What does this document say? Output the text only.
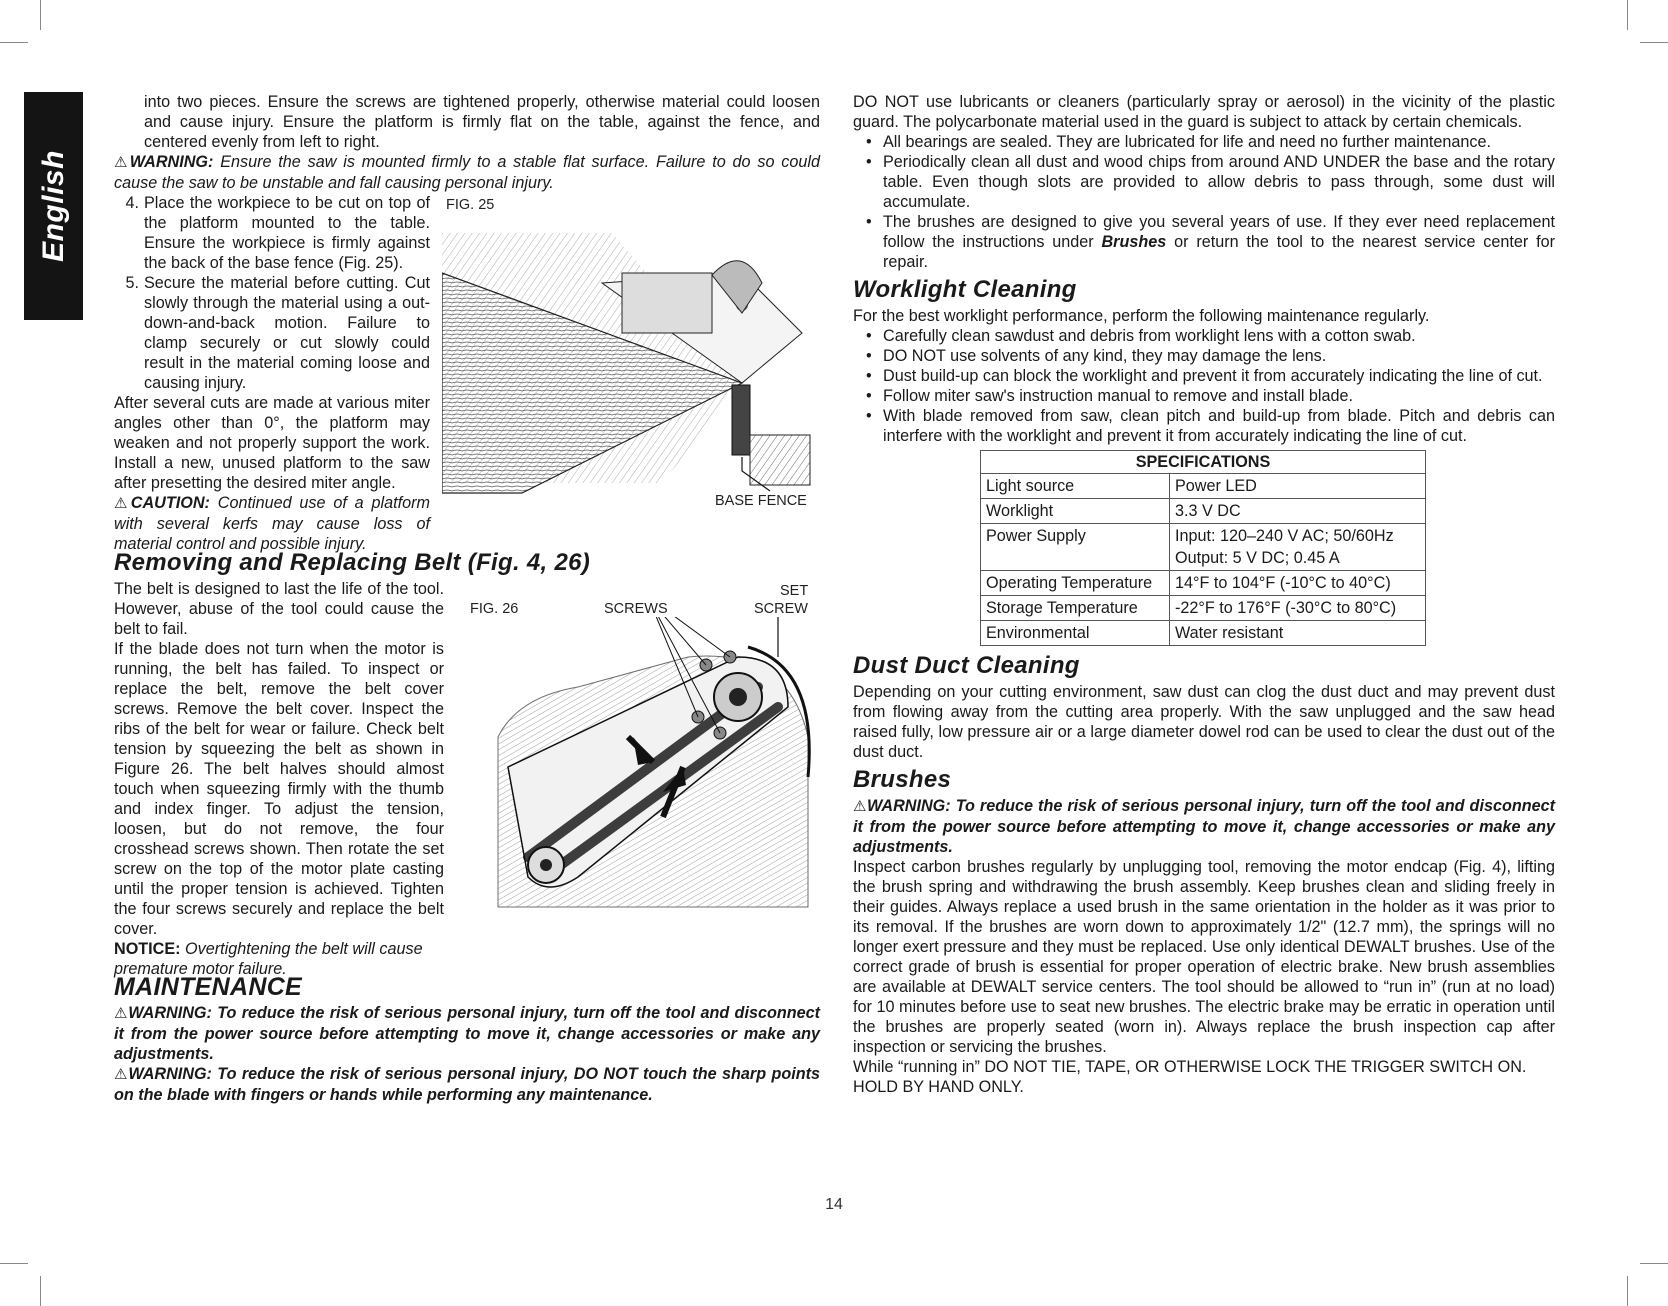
English

into two pieces. Ensure the screws are tightened properly, otherwise material could loosen and cause injury. Ensure the platform is firmly flat on the table, against the fence, and centered evenly from left to right.

⚠WARNING: Ensure the saw is mounted firmly to a stable flat surface. Failure to do so could cause the saw to be unstable and fall causing personal injury.

4. Place the workpiece to be cut on top of the platform mounted to the table. Ensure the workpiece is firmly against the back of the base fence (Fig. 25).
5. Secure the material before cutting. Cut slowly through the material using a out-down-and-back motion. Failure to clamp securely or cut slowly could result in the material coming loose and causing injury.

After several cuts are made at various miter angles other than 0°, the platform may weaken and not properly support the work. Install a new, unused platform to the saw after presetting the desired miter angle.

⚠CAUTION: Continued use of a platform with several kerfs may cause loss of material control and possible injury.

FIG. 25
BASE FENCE
Removing and Replacing Belt (Fig. 4, 26)

The belt is designed to last the life of the tool. However, abuse of the tool could cause the belt to fail.

If the blade does not turn when the motor is running, the belt has failed. To inspect or replace the belt, remove the belt cover screws. Remove the belt cover. Inspect the ribs of the belt for wear or failure. Check belt tension by squeezing the belt as shown in Figure 26. The belt halves should almost touch when squeezing firmly with the thumb and index finger. To adjust the tension, loosen, but do not remove, the four crosshead screws shown. Then rotate the set screw on the top of the motor plate casting until the proper tension is achieved. Tighten the four screws securely and replace the belt cover.

NOTICE: Overtightening the belt will cause premature motor failure.

FIG. 26	SCREWS
SET
SCREW
MAINTENANCE

⚠WARNING: To reduce the risk of serious personal injury, turn off the tool and disconnect it from the power source before attempting to move it, change accessories or make any adjustments.

⚠WARNING: To reduce the risk of serious personal injury, DO NOT touch the sharp points on the blade with fingers or hands while performing any maintenance.

DO NOT use lubricants or cleaners (particularly spray or aerosol) in the vicinity of the plastic guard. The polycarbonate material used in the guard is subject to attack by certain chemicals.

• All bearings are sealed. They are lubricated for life and need no further maintenance.
• Periodically clean all dust and wood chips from around AND UNDER the base and the rotary table. Even though slots are provided to allow debris to pass through, some dust will accumulate.
• The brushes are designed to give you several years of use. If they ever need replacement follow the instructions under Brushes or return the tool to the nearest service center for repair.
Worklight Cleaning

For the best worklight performance, perform the following maintenance regularly.

• Carefully clean sawdust and debris from worklight lens with a cotton swab.
• DO NOT use solvents of any kind, they may damage the lens.
• Dust build-up can block the worklight and prevent it from accurately indicating the line of cut.
• Follow miter saw's instruction manual to remove and install blade.
• With blade removed from saw, clean pitch and build-up from blade. Pitch and debris can interfere with the worklight and prevent it from accurately indicating the line of cut.
SPECIFICATIONS	
Light source	Power LED
Worklight	3.3 V DC
Power Supply	Input: 120–240 V AC; 50/60Hz
Output: 5 V DC; 0.45 A

Operating Temperature	14°F to 104°F (-10°C to 40°C)
Storage Temperature	-22°F to 176°F (-30°C to 80°C)
Environmental	Water resistant
Dust Duct Cleaning

Depending on your cutting environment, saw dust can clog the dust duct and may prevent dust from flowing away from the cutting area properly. With the saw unplugged and the saw head raised fully, low pressure air or a large diameter dowel rod can be used to clear the dust out of the dust duct.

Brushes

⚠WARNING: To reduce the risk of serious personal injury, turn off the tool and disconnect it from the power source before attempting to move it, change accessories or make any adjustments.

Inspect carbon brushes regularly by unplugging tool, removing the motor endcap (Fig. 4), lifting the brush spring and withdrawing the brush assembly. Keep brushes clean and sliding freely in their guides. Always replace a used brush in the same orientation in the holder as it was prior to its removal. If the brushes are worn down to approximately 1/2" (12.7 mm), the springs will no longer exert pressure and they must be replaced. Use only identical DEWALT brushes. Use of the correct grade of brush is essential for proper operation of electric brake. New brush assemblies are available at DEWALT service centers. The tool should be allowed to “run in” (run at no load) for 10 minutes before use to seat new brushes. The electric brake may be erratic in operation until the brushes are properly seated (worn in). Always replace the brush inspection cap after inspection or servicing the brushes.

While “running in” DO NOT TIE, TAPE, OR OTHERWISE LOCK THE TRIGGER SWITCH ON. HOLD BY HAND ONLY.

14
